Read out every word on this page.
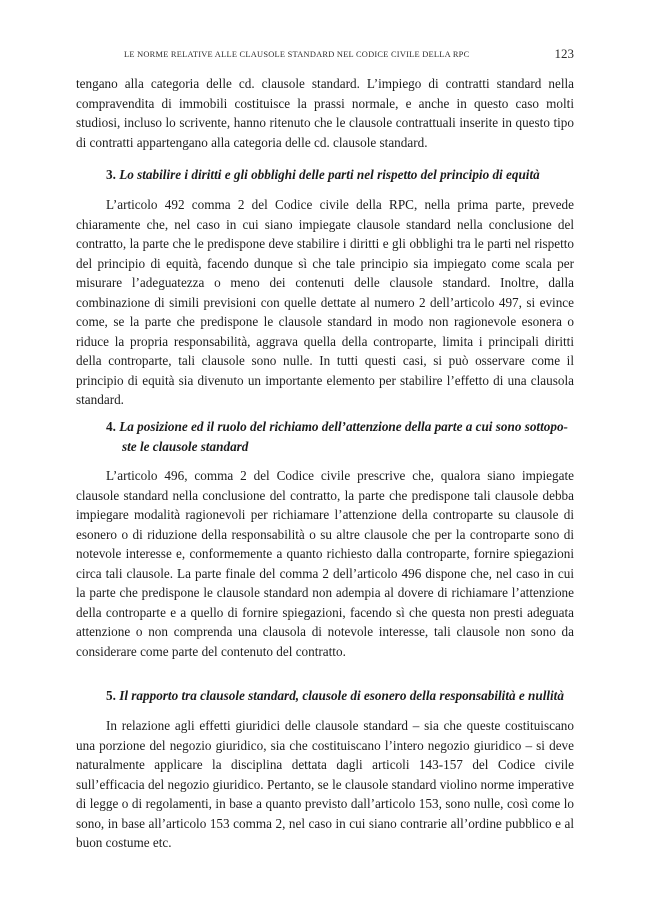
LE NORME RELATIVE ALLE CLAUSOLE STANDARD NEL CODICE CIVILE DELLA RPC	123

tengano alla categoria delle cd. clausole standard. L’impiego di contratti standard nella compravendita di immobili costituisce la prassi normale, e anche in questo caso molti studiosi, incluso lo scrivente, hanno ritenuto che le clausole contrattuali inserite in questo tipo di contratti appartengano alla categoria delle cd. clausole standard.

3. Lo stabilire i diritti e gli obblighi delle parti nel rispetto del principio di equità

L’articolo 492 comma 2 del Codice civile della RPC, nella prima parte, prevede chiaramente che, nel caso in cui siano impiegate clausole standard nella conclusione del contratto, la parte che le predispone deve stabilire i diritti e gli obblighi tra le parti nel rispetto del principio di equità, facendo dunque sì che tale principio sia impiegato come scala per misurare l’adeguatezza o meno dei contenuti delle clausole standard. Inoltre, dalla combinazione di simili previsioni con quelle dettate al numero 2 dell’articolo 497, si evince come, se la parte che predispone le clausole standard in modo non ragionevole esonera o riduce la propria responsabilità, aggrava quella della controparte, limita i principali diritti della controparte, tali clausole sono nulle. In tutti questi casi, si può osservare come il principio di equità sia divenuto un importante elemento per stabilire l’effetto di una clausola standard.

4. La posizione ed il ruolo del richiamo dell’attenzione della parte a cui sono sottopo-
ste le clausole standard

L’articolo 496, comma 2 del Codice civile prescrive che, qualora siano impiegate clausole standard nella conclusione del contratto, la parte che predispone tali clausole debba impiegare modalità ragionevoli per richiamare l’attenzione della controparte su clausole di esonero o di riduzione della responsabilità o su altre clausole che per la controparte sono di notevole interesse e, conformemente a quanto richiesto dalla controparte, fornire spiegazioni circa tali clausole. La parte finale del comma 2 dell’articolo 496 dispone che, nel caso in cui la parte che predispone le clausole standard non adempia al dovere di richiamare l’attenzione della controparte e a quello di fornire spiegazioni, facendo sì che questa non presti adeguata attenzione o non comprenda una clausola di notevole interesse, tali clausole non sono da considerare come parte del contenuto del contratto.

5. Il rapporto tra clausole standard, clausole di esonero della responsabilità e nullità

In relazione agli effetti giuridici delle clausole standard – sia che queste costituiscano una porzione del negozio giuridico, sia che costituiscano l’intero negozio giuridico – si deve naturalmente applicare la disciplina dettata dagli articoli 143-157 del Codice civile sull’efficacia del negozio giuridico. Pertanto, se le clausole standard violino norme imperative di legge o di regolamenti, in base a quanto previsto dall’articolo 153, sono nulle, così come lo sono, in base all’articolo 153 comma 2, nel caso in cui siano contrarie all’ordine pubblico e al buon costume etc.
